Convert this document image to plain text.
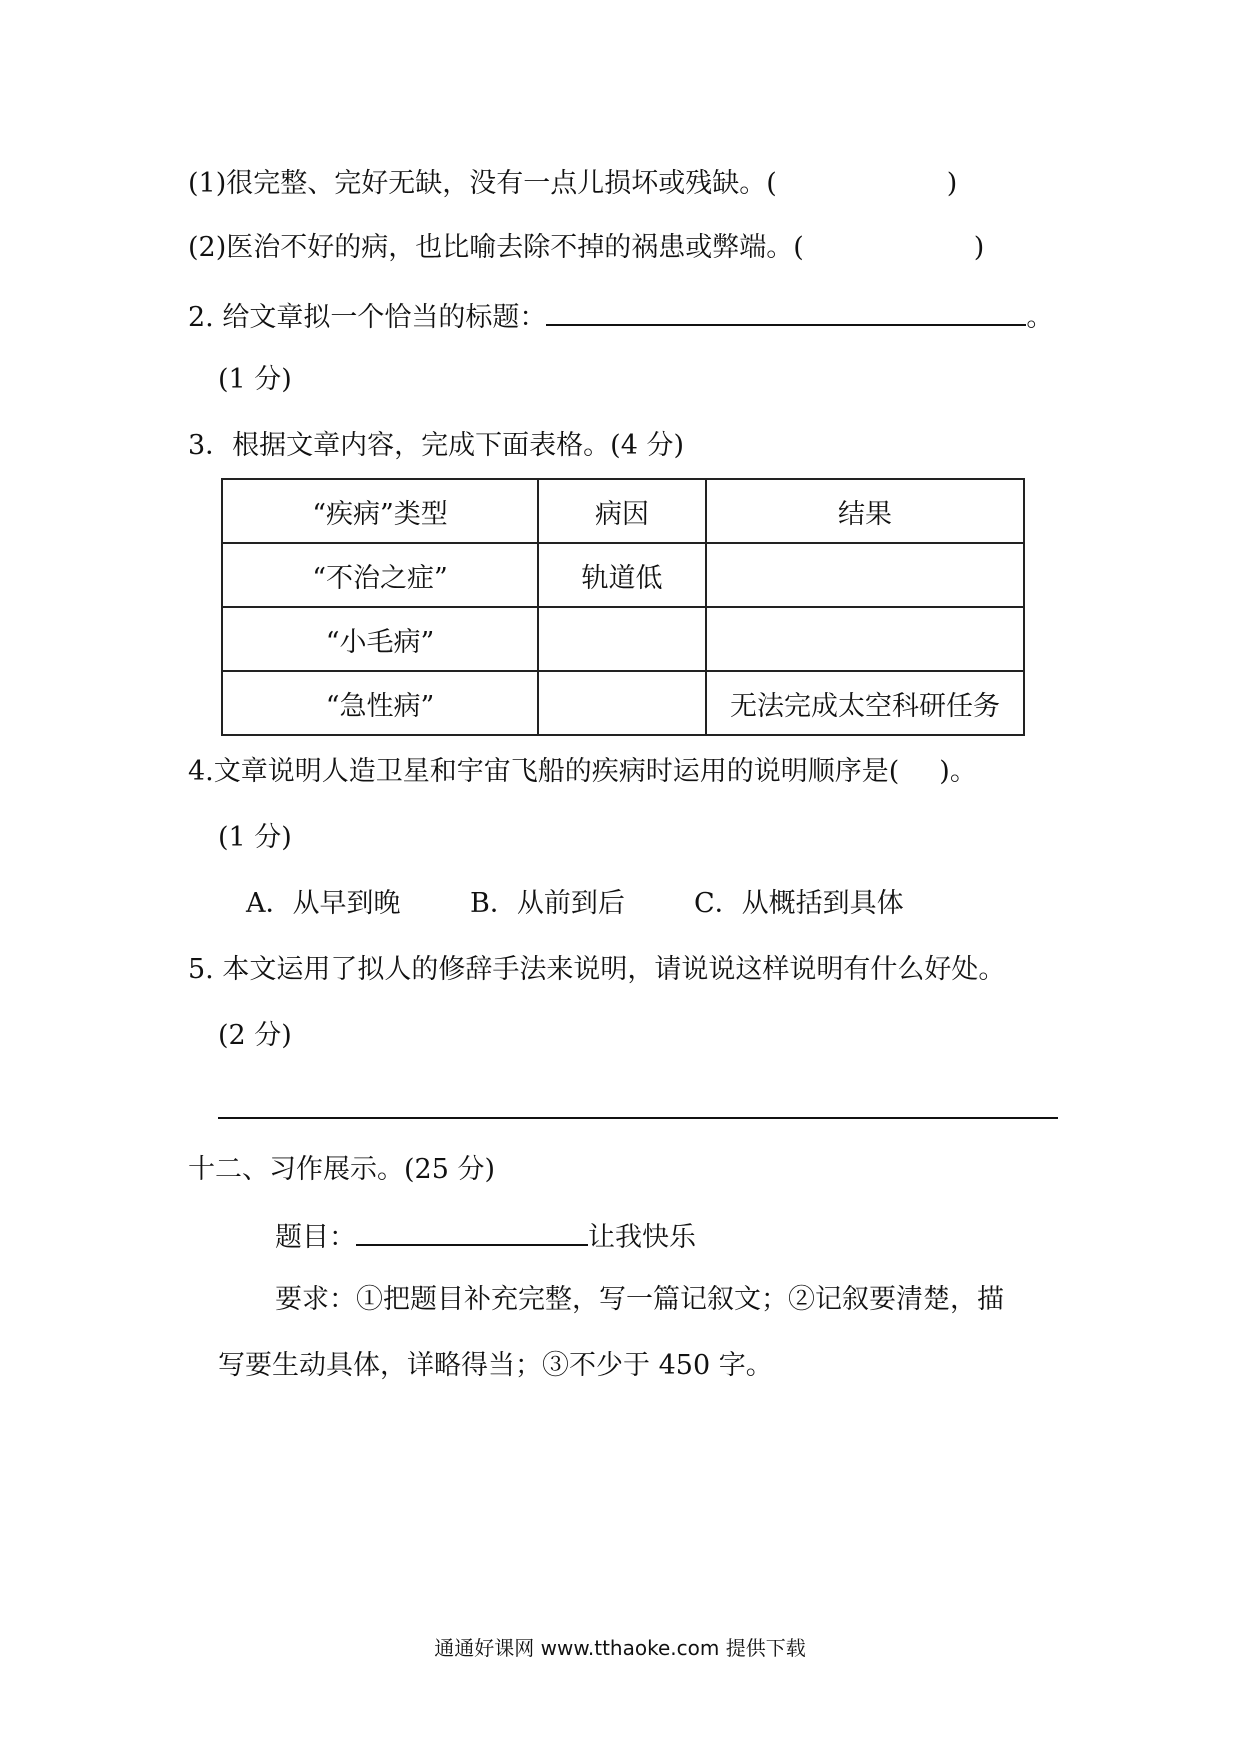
(1)很完整、完好无缺，没有一点儿损坏或残缺。(	)
(2)医治不好的病，也比喻去除不掉的祸患或弊端。(	)
2. 给文章拟一个恰当的标题：	。
(1 分)
3．根据文章内容，完成下面表格。(4 分)
“疾病”类型	病因	结果
“不治之症”	轨道低	
“小毛病”		
“急性病”		无法完成太空科研任务
4.文章说明人造卫星和宇宙飞船的疾病时运用的说明顺序是( )。
(1 分)
A．从早到晚	B．从前到后	C．从概括到具体
5. 本文运用了拟人的修辞手法来说明，请说说这样说明有什么好处。
(2 分)
十二、习作展示。(25 分)
题目：	让我快乐
要求：①把题目补充完整，写一篇记叙文；②记叙要清楚，描
写要生动具体，详略得当；③不少于 450 字。
通通好课网 www.tthaoke.com 提供下载
